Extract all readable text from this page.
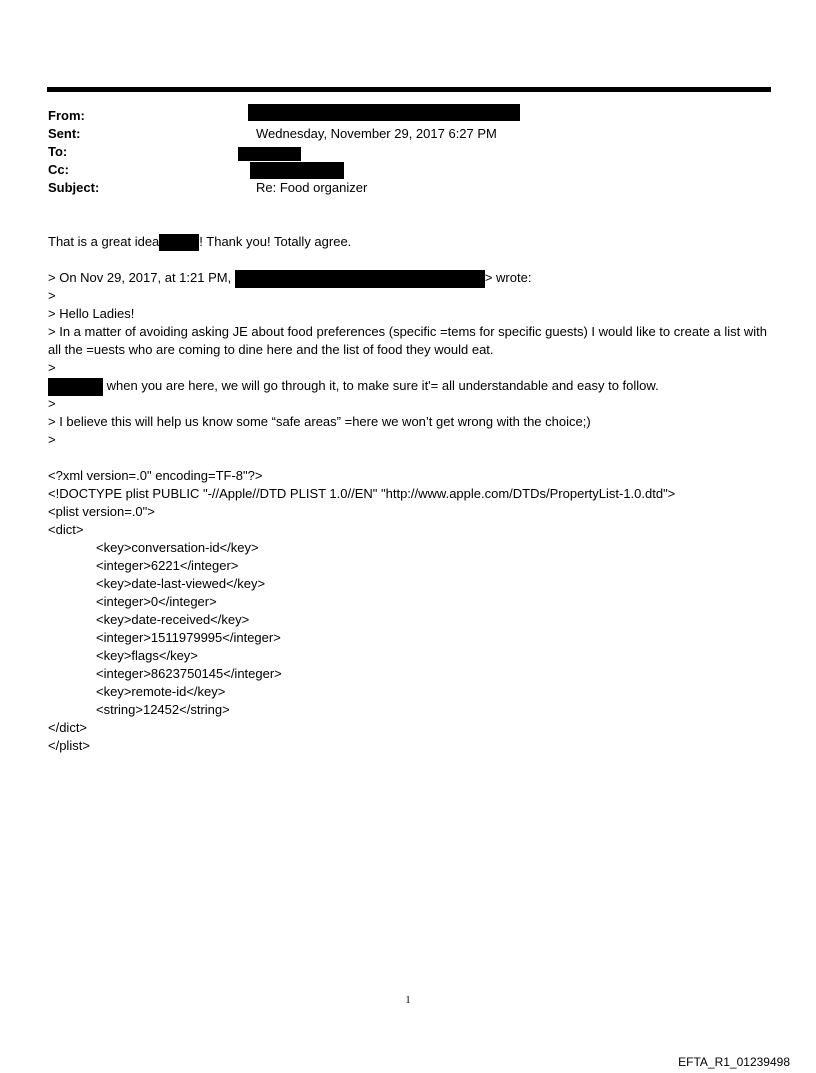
From:
Sent:	Wednesday, November 29, 2017 6:27 PM
To:
Cc:
Subject:	Re: Food organizer
That is a great idea	! Thank you! Totally agree.
> On Nov 29, 2017, at 1:21 PM,	> wrote:
>
> Hello Ladies!
> In a matter of avoiding asking JE about food preferences (specific =tems for specific guests) I would like to create a list with all the =uests who are coming to dine here and the list of food they would eat.
>
when you are here, we will go through it, to make sure it'= all understandable and easy to follow.
>
> I believe this will help us know some “safe areas” =here we won’t get wrong with the choice;)
>
<?xml version=.0" encoding=TF-8"?>
<!DOCTYPE plist PUBLIC "-//Apple//DTD PLIST 1.0//EN" "http://www.apple.com/DTDs/PropertyList-1.0.dtd">
<plist version=.0">
<dict>
<key>conversation-id</key>
<integer>6221</integer>
<key>date-last-viewed</key>
<integer>0</integer>
<key>date-received</key>
<integer>1511979995</integer>
<key>flags</key>
<integer>8623750145</integer>
<key>remote-id</key>
<string>12452</string>
</dict>
</plist>
1
EFTA_R1_01239498
